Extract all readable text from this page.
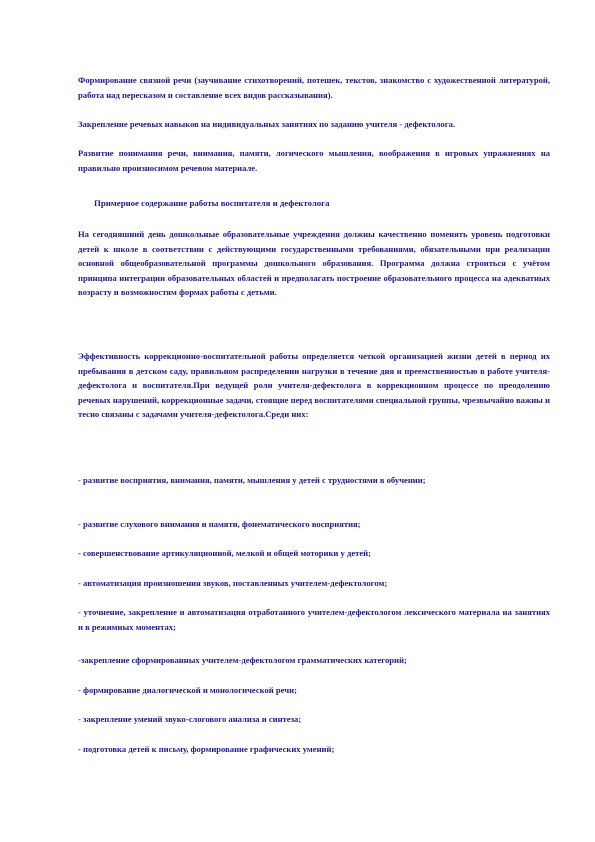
Формирование связной речи (заучивание стихотворений, потешек, текстов, знакомство с художественной литературой, работа над пересказом и составление всех видов рассказывания).

Закрепление речевых навыков на индивидуальных занятиях по заданию учителя - дефектолога.

Развитие понимания речи, внимания, памяти, логического мышления, воображения в игровых упражнениях на правильно произносимом речевом материале.

Примерное содержание работы воспитателя и дефектолога

На сегодняшний день дошкольные образовательные учреждения должны качественно поменять уровень подготовки детей к школе в соответствии с действующими государственными требованиями, обязательными при реализации основной общеобразовательной программы дошкольного образования. Программа должна строиться с учётом принципа интеграции образовательных областей и предполагать построение образовательного процесса на адекватных возрасту и возможностям формах работы с детьми.

Эффективность коррекционно-воспитательной работы определяется четкой организацией жизни детей в период их пребывания в детском саду, правильном распределении нагрузки в течение дня и преемственностью в работе учителя-дефектолога и воспитателя.При ведущей роли учителя-дефектолога в коррекционном процессе по преодолению речевых нарушений, коррекционные задачи, стоящие перед воспитателями специальной группы, чрезвычайно важны и тесно связаны с задачами учителя-дефектолога.Среди них:

- развитие восприятия, внимания, памяти, мышления у детей с трудностями в обучении;

- развитие слухового внимания и памяти, фонематического восприятия;

- совершенствование артикуляционной, мелкой и общей моторики у детей;

- автоматизация произношения звуков, поставленных учителем-дефектологом;

- уточнение, закрепление и автоматизация отработанного учителем-дефектологом лексического материала на занятиях и в режимных моментах;

-закрепление сформированных учителем-дефектологом грамматических категорий;

- формирование диалогической и монологической речи;

- закрепление умений звуко-слогового анализа и синтеза;

- подготовка детей к письму, формирование графических умений;
